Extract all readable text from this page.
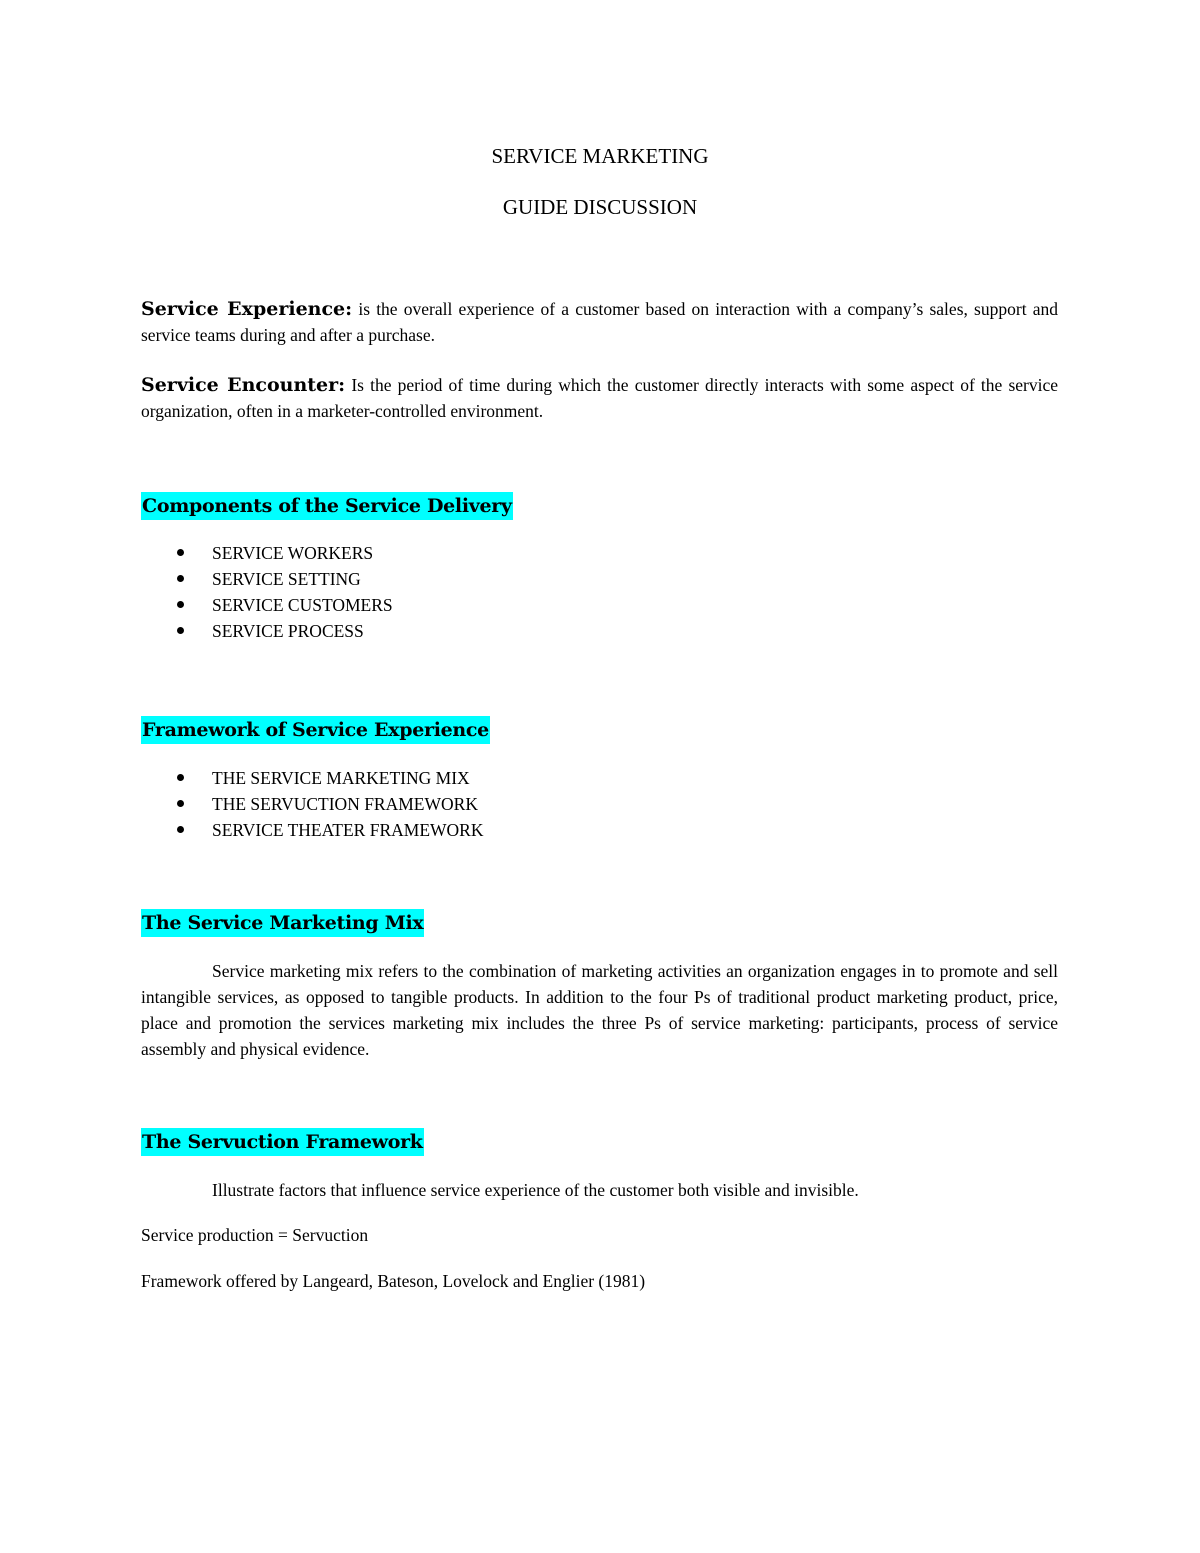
SERVICE MARKETING
GUIDE DISCUSSION
Service Experience: is the overall experience of a customer based on interaction with a company’s sales, support and service teams during and after a purchase.
Service Encounter: Is the period of time during which the customer directly interacts with some aspect of the service organization, often in a marketer-controlled environment.
Components of the Service Delivery
SERVICE WORKERS
SERVICE SETTING
SERVICE CUSTOMERS
SERVICE PROCESS
Framework of Service Experience
THE SERVICE MARKETING MIX
THE SERVUCTION FRAMEWORK
SERVICE THEATER FRAMEWORK
The Service Marketing Mix
Service marketing mix refers to the combination of marketing activities an organization engages in to promote and sell intangible services, as opposed to tangible products. In addition to the four Ps of traditional product marketing product, price, place and promotion the services marketing mix includes the three Ps of service marketing: participants, process of service assembly and physical evidence.
The Servuction Framework
Illustrate factors that influence service experience of the customer both visible and invisible.
Service production = Servuction
Framework offered by Langeard, Bateson, Lovelock and Englier (1981)
